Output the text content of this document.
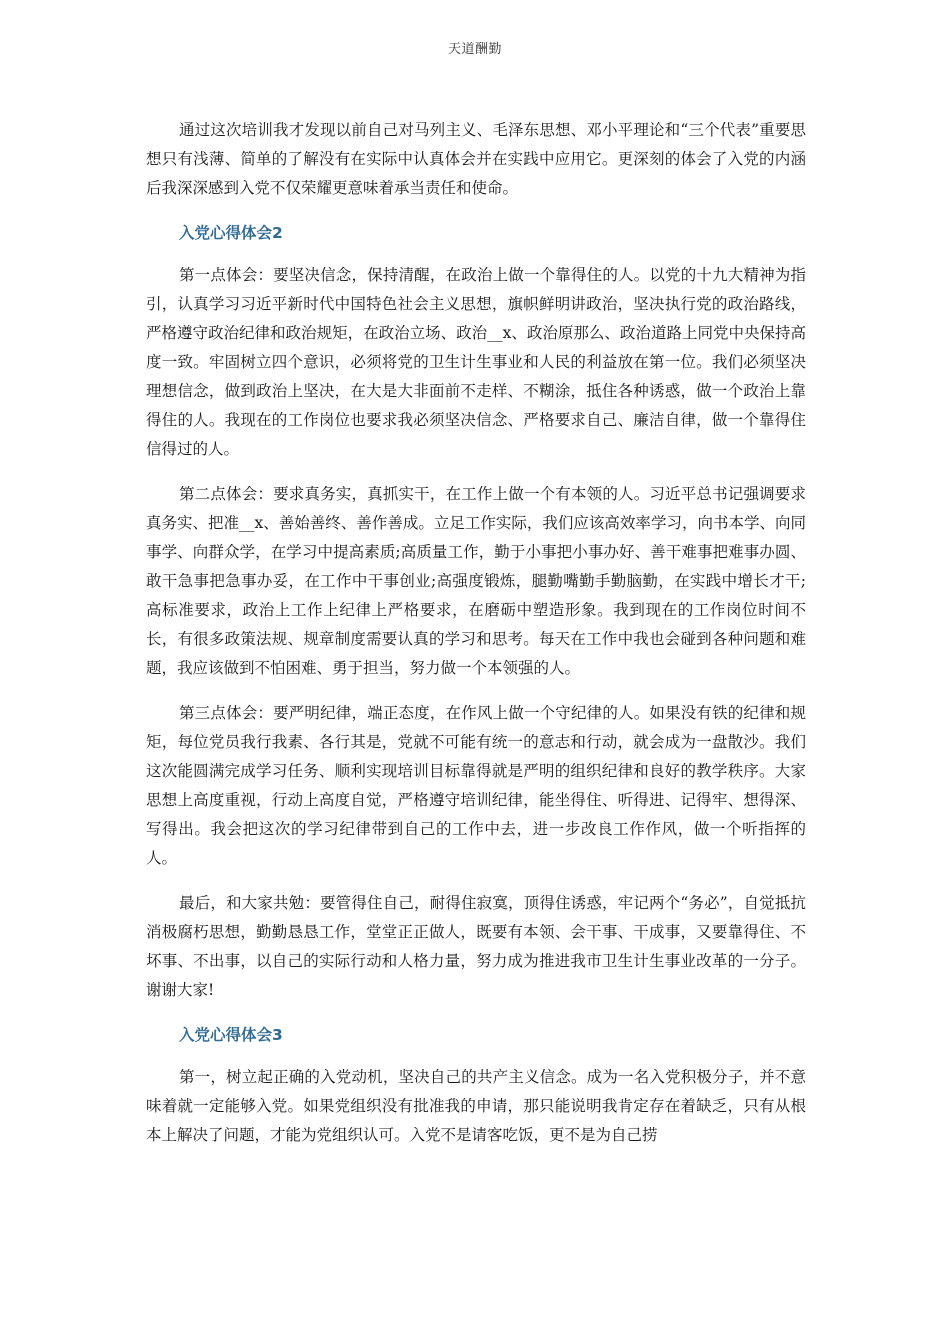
天道酬勤

通过这次培训我才发现以前自己对马列主义、毛泽东思想、邓小平理论和“三个代表”重要思想只有浅薄、简单的了解没有在实际中认真体会并在实践中应用它。更深刻的体会了入党的内涵后我深深感到入党不仅荣耀更意味着承当责任和使命。

入党心得体会2

第一点体会：要坚决信念，保持清醒，在政治上做一个靠得住的人。以党的十九大精神为指引，认真学习习近平新时代中国特色社会主义思想，旗帜鲜明讲政治，坚决执行党的政治路线，严格遵守政治纪律和政治规矩，在政治立场、政治__x、政治原那么、政治道路上同党中央保持高度一致。牢固树立四个意识，必须将党的卫生计生事业和人民的利益放在第一位。我们必须坚决理想信念，做到政治上坚决，在大是大非面前不走样、不糊涂，抵住各种诱惑，做一个政治上靠得住的人。我现在的工作岗位也要求我必须坚决信念、严格要求自己、廉洁自律，做一个靠得住信得过的人。

第二点体会：要求真务实，真抓实干，在工作上做一个有本领的人。习近平总书记强调要求真务实、把准__x、善始善终、善作善成。立足工作实际，我们应该高效率学习，向书本学、向同事学、向群众学，在学习中提高素质;高质量工作，勤于小事把小事办好、善干难事把难事办圆、敢干急事把急事办妥，在工作中干事创业;高强度锻炼，腿勤嘴勤手勤脑勤，在实践中增长才干;高标准要求，政治上工作上纪律上严格要求，在磨砺中塑造形象。我到现在的工作岗位时间不长，有很多政策法规、规章制度需要认真的学习和思考。每天在工作中我也会碰到各种问题和难题，我应该做到不怕困难、勇于担当，努力做一个本领强的人。

第三点体会：要严明纪律，端正态度，在作风上做一个守纪律的人。如果没有铁的纪律和规矩，每位党员我行我素、各行其是，党就不可能有统一的意志和行动，就会成为一盘散沙。我们这次能圆满完成学习任务、顺利实现培训目标靠得就是严明的组织纪律和良好的教学秩序。大家思想上高度重视，行动上高度自觉，严格遵守培训纪律，能坐得住、听得进、记得牢、想得深、写得出。我会把这次的学习纪律带到自己的工作中去，进一步改良工作作风，做一个听指挥的人。

最后，和大家共勉：要管得住自己，耐得住寂寞，顶得住诱惑，牢记两个“务必”，自觉抵抗消极腐朽思想，勤勤恳恳工作，堂堂正正做人，既要有本领、会干事、干成事，又要靠得住、不坏事、不出事，以自己的实际行动和人格力量，努力成为推进我市卫生计生事业改革的一分子。谢谢大家!

入党心得体会3

第一，树立起正确的入党动机，坚决自己的共产主义信念。成为一名入党积极分子，并不意味着就一定能够入党。如果党组织没有批准我的申请，那只能说明我肯定存在着缺乏，只有从根本上解决了问题，才能为党组织认可。入党不是请客吃饭，更不是为自己捞
